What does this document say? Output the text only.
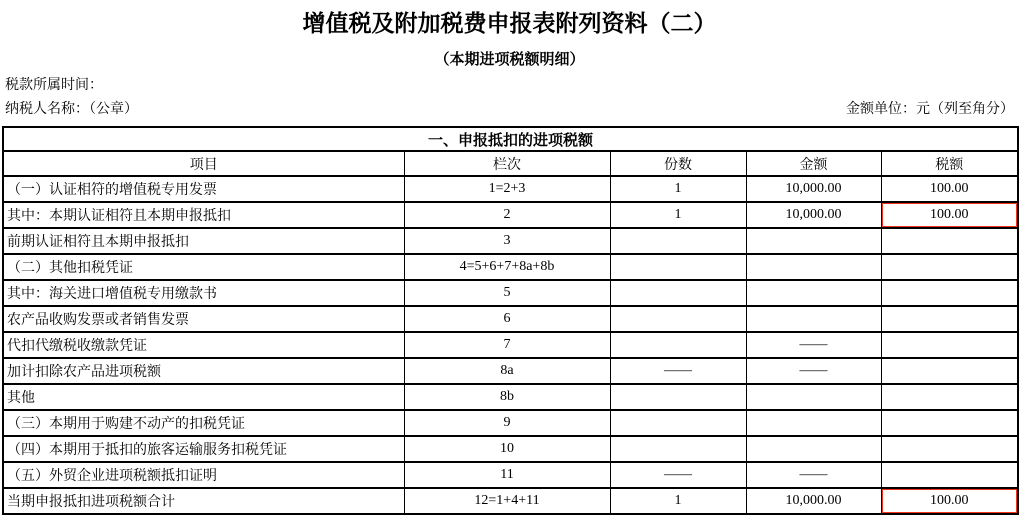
增值税及附加税费申报表附列资料（二）
（本期进项税额明细）
税款所属时间：
纳税人名称：（公章）	金额单位：元（列至角分）
一、申报抵扣的进项税额				
项目	栏次	份数	金额	税额
（一）认证相符的增值税专用发票	1=2+3	1	10,000.00	100.00
其中：本期认证相符且本期申报抵扣	2	1	10,000.00	100.00

前期认证相符且本期申报抵扣	3			
（二）其他扣税凭证	4=5+6+7+8a+8b			
其中：海关进口增值税专用缴款书	5			
农产品收购发票或者销售发票	6			
代扣代缴税收缴款凭证	7		——	
加计扣除农产品进项税额	8a	——	——	
其他	8b			
（三）本期用于购建不动产的扣税凭证	9			
（四）本期用于抵扣的旅客运输服务扣税凭证	10			
（五）外贸企业进项税额抵扣证明	11	——	——	
当期申报抵扣进项税额合计	12=1+4+11	1	10,000.00	100.00
